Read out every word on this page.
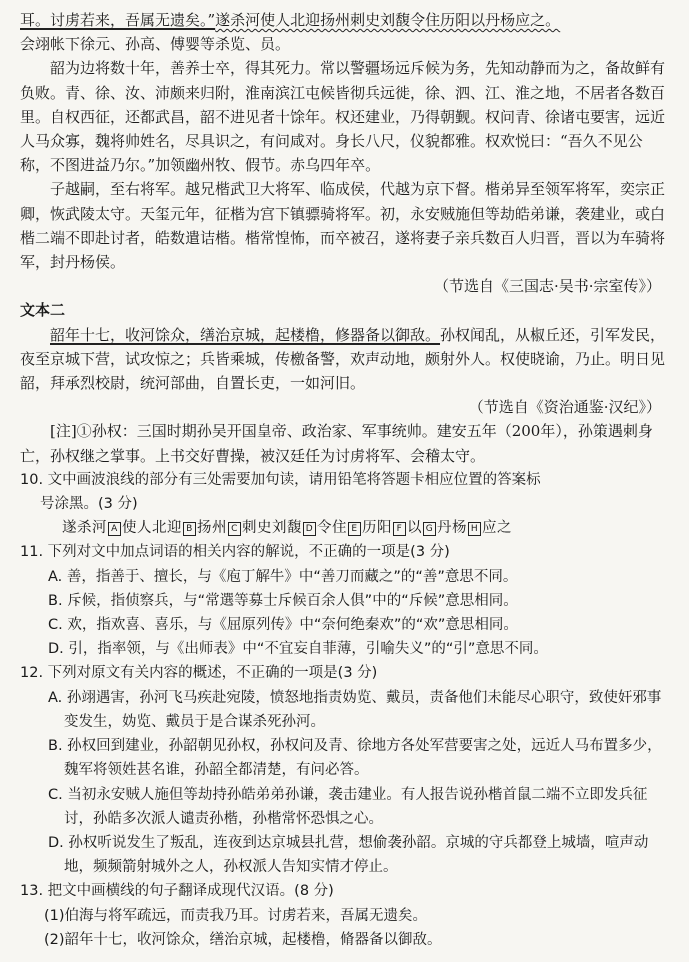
耳。讨虏若来，吾属无遗矣。”遂杀河使人北迎扬州刺史刘馥令住历阳以丹杨应之。

会翊帐下徐元、孙高、傅婴等杀览、员。

韶为边将数十年，善养士卒，得其死力。常以警疆场远斥候为务，先知动静而为之，备故鲜有负败。青、徐、汝、沛颇来归附，淮南滨江屯候皆彻兵远徙，徐、泗、江、淮之地，不居者各数百里。自权西征，还都武昌，韶不进见者十馀年。权还建业，乃得朝觐。权问青、徐诸屯要害，远近人马众寡，魏将帅姓名，尽具识之，有问咸对。身长八尺，仪貌都雅。权欢悦曰：“吾久不见公称，不图进益乃尔。”加领幽州牧、假节。赤乌四年卒。

子越嗣，至右将军。越兄楷武卫大将军、临成侯，代越为京下督。楷弟异至领军将军，奕宗正卿，恢武陵太守。天玺元年，征楷为宫下镇骠骑将军。初，永安贼施但等劫皓弟谦，袭建业，或白楷二端不即赴讨者，皓数遣诘楷。楷常惶怖，而卒被召，遂将妻子亲兵数百人归晋，晋以为车骑将军，封丹杨侯。

（节选自《三国志·吴书·宗室传》）

文本二

韶年十七，收河馀众，缮治京城，起楼橹，修器备以御敌。孙权闻乱，从椒丘还，引军发民，夜至京城下营，试攻惊之；兵皆乘城，传檄备警，欢声动地，颇射外人。权使晓谕，乃止。明日见韶，拜承烈校尉，统河部曲，自置长吏，一如河旧。

（节选自《资治通鉴·汉纪》）

[注]①孙权：三国时期孙吴开国皇帝、政治家、军事统帅。建安五年（200年），孙策遇刺身亡，孙权继之掌事。上书交好曹操，被汉廷任为讨虏将军、会稽太守。

10. 文中画波浪线的部分有三处需要加句读，请用铅笔将答题卡相应位置的答案标

号涂黑。(3 分)

遂杀河 A 使人北迎 B 扬州 C 刺史刘馥 D 令住 E 历阳 F 以 G 丹杨 H 应之

11. 下列对文中加点词语的相关内容的解说，不正确的一项是(3 分)

A. 善，指善于、擅长，与《庖丁解牛》中“善刀而藏之”的“善”意思不同。

B. 斥候，指侦察兵，与“常選等募士斥候百余人俱”中的“斥候”意思相同。

C. 欢，指欢喜、喜乐，与《屈原列传》中“奈何绝秦欢”的“欢”意思相同。

D. 引，指率领，与《出师表》中“不宜妄自菲薄，引喻失义”的“引”意思不同。

12. 下列对原文有关内容的概述，不正确的一项是(3 分)

A. 孙翊遇害，孙河飞马疾赴宛陵，愤怒地指责妫览、戴员，责备他们未能尽心职守，致使奸邪事变发生，妫览、戴员于是合谋杀死孙河。

B. 孙权回到建业，孙韶朝见孙权，孙权问及青、徐地方各处军营要害之处，远近人马布置多少，魏军将领姓甚名谁，孙韶全都清楚，有问必答。

C. 当初永安贼人施但等劫持孙皓弟弟孙谦，袭击建业。有人报告说孙楷首鼠二端不立即发兵征讨，孙皓多次派人谴责孙楷，孙楷常怀恐惧之心。

D. 孙权听说发生了叛乱，连夜到达京城县扎营，想偷袭孙韶。京城的守兵都登上城墙，喧声动地，频频箭射城外之人，孙权派人告知实情才停止。

13. 把文中画横线的句子翻译成现代汉语。(8 分)

(1)伯海与将军疏远，而责我乃耳。讨虏若来，吾属无遗矣。

(2)韶年十七，收河馀众，缮治京城，起楼橹，脩器备以御敌。
